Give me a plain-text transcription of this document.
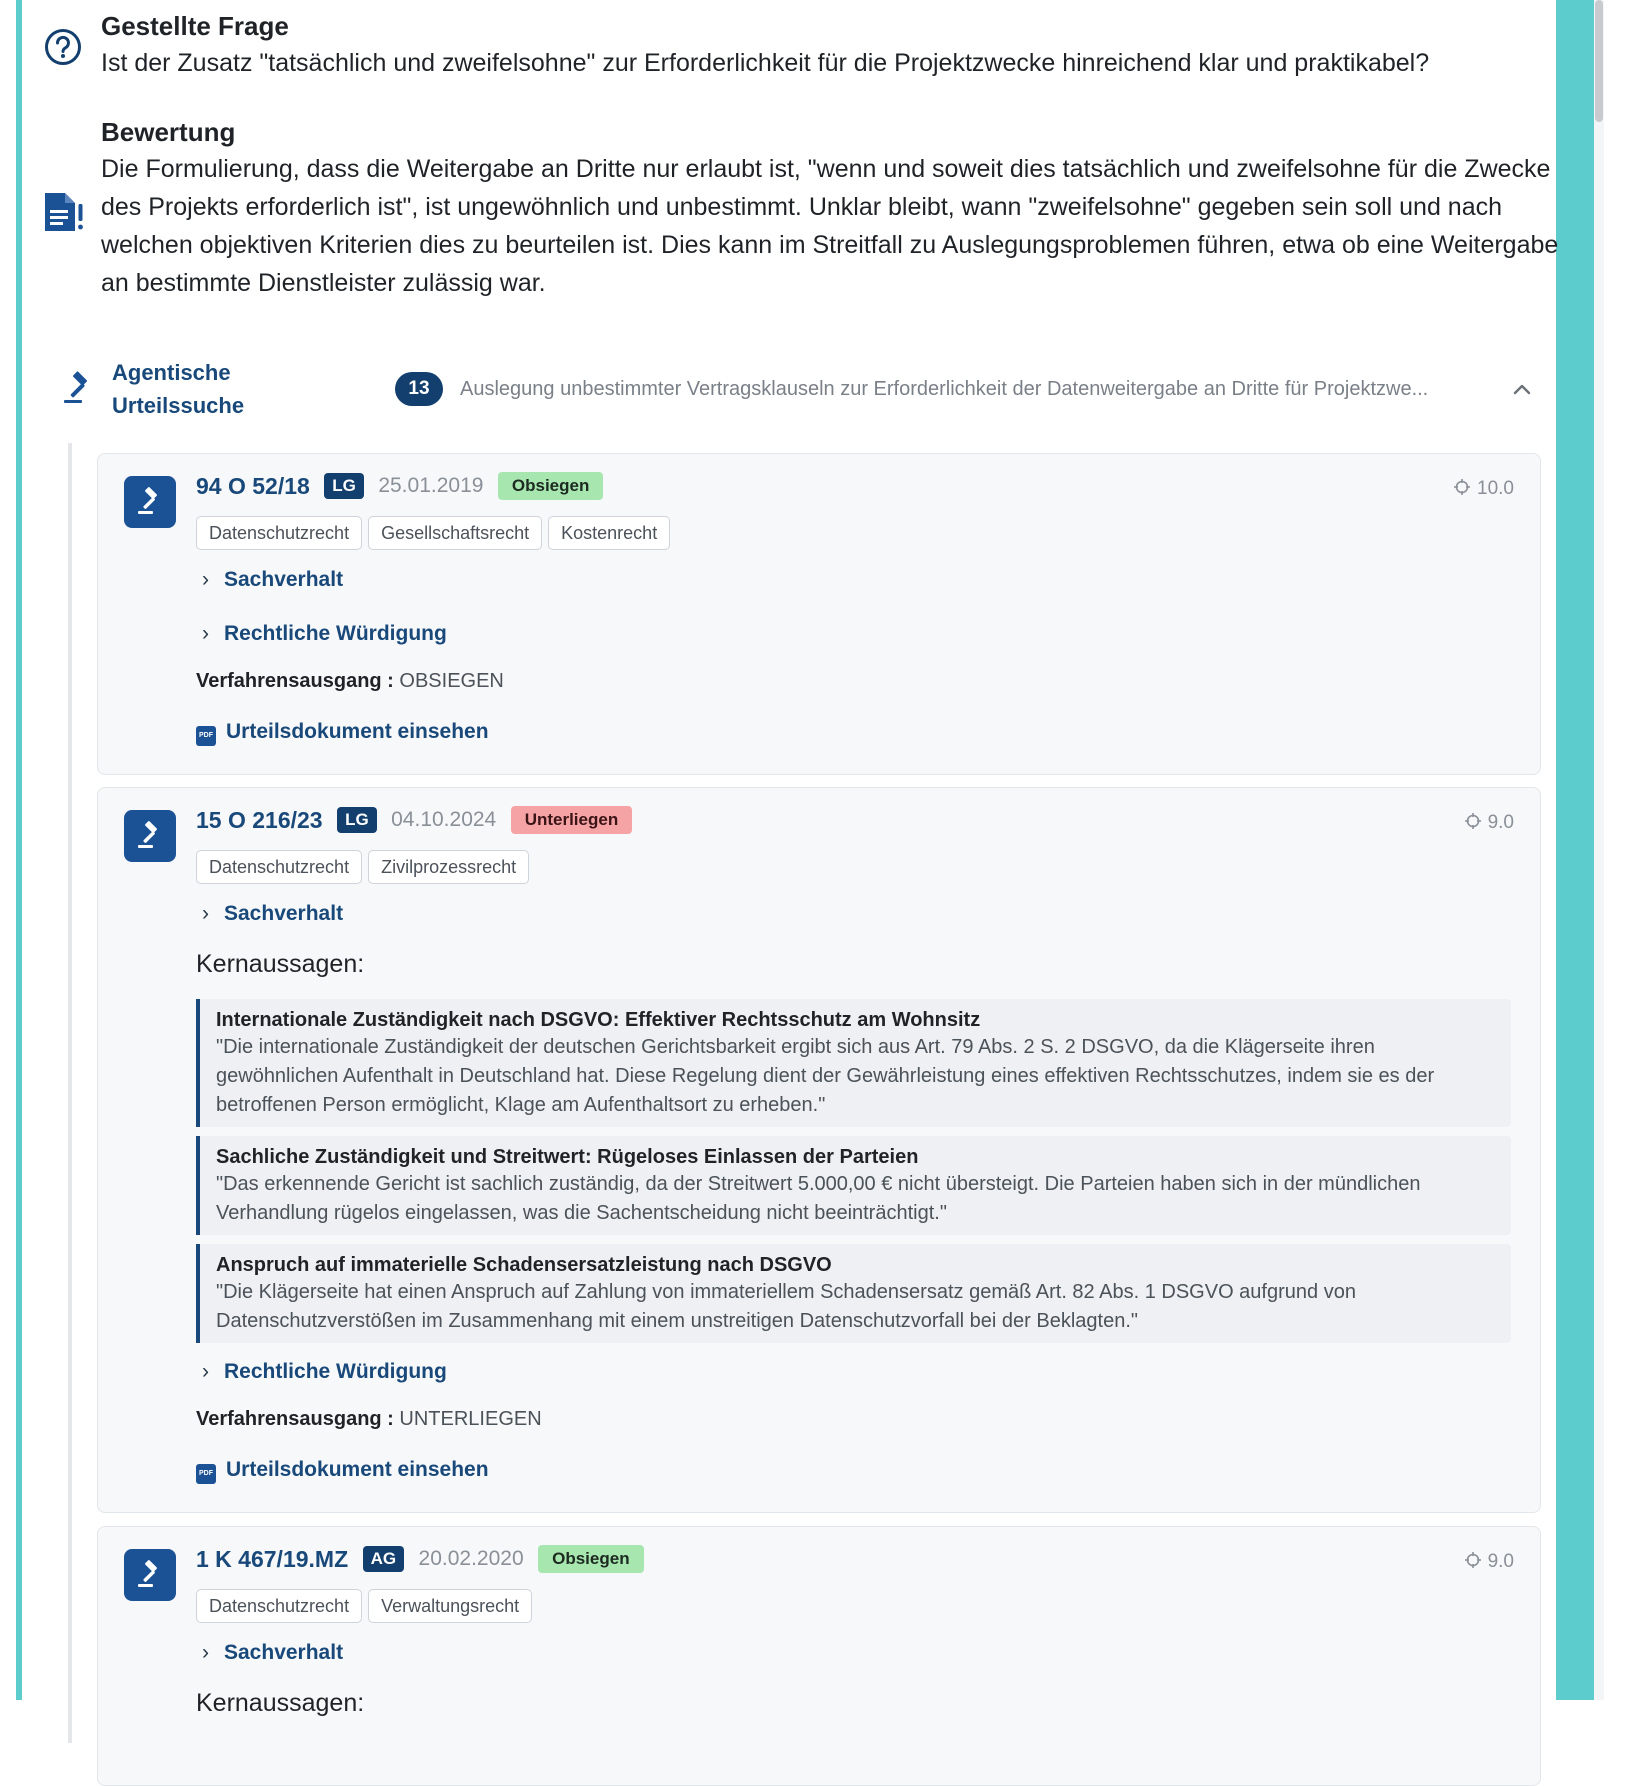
Gestellte Frage
Ist der Zusatz "tatsächlich und zweifelsohne" zur Erforderlichkeit für die Projektzwecke hinreichend klar und praktikabel?
Bewertung
Die Formulierung, dass die Weitergabe an Dritte nur erlaubt ist, "wenn und soweit dies tatsächlich und zweifelsohne für die Zwecke des Projekts erforderlich ist", ist ungewöhnlich und unbestimmt. Unklar bleibt, wann "zweifelsohne" gegeben sein soll und nach welchen objektiven Kriterien dies zu beurteilen ist. Dies kann im Streitfall zu Auslegungsproblemen führen, etwa ob eine Weitergabe an bestimmte Dienstleister zulässig war.
Agentische
Urteilssuche
13	Auslegung unbestimmter Vertragsklauseln zur Erforderlichkeit der Datenweitergabe an Dritte für Projektzwe...
94 O 52/18 LG 25.01.2019 Obsiegen	10.0
Datenschutzrecht Gesellschaftsrecht Kostenrecht
› Sachverhalt
› Rechtliche Würdigung
Verfahrensausgang : OBSIEGEN
PDF Urteilsdokument einsehen
15 O 216/23 LG 04.10.2024 Unterliegen	9.0
Datenschutzrecht Zivilprozessrecht
› Sachverhalt
Kernaussagen:
Internationale Zuständigkeit nach DSGVO: Effektiver Rechtsschutz am Wohnsitz
"Die internationale Zuständigkeit der deutschen Gerichtsbarkeit ergibt sich aus Art. 79 Abs. 2 S. 2 DSGVO, da die Klägerseite ihren gewöhnlichen Aufenthalt in Deutschland hat. Diese Regelung dient der Gewährleistung eines effektiven Rechtsschutzes, indem sie es der betroffenen Person ermöglicht, Klage am Aufenthaltsort zu erheben."
Sachliche Zuständigkeit und Streitwert: Rügeloses Einlassen der Parteien
"Das erkennende Gericht ist sachlich zuständig, da der Streitwert 5.000,00 € nicht übersteigt. Die Parteien haben sich in der mündlichen Verhandlung rügelos eingelassen, was die Sachentscheidung nicht beeinträchtigt."
Anspruch auf immaterielle Schadensersatzleistung nach DSGVO
"Die Klägerseite hat einen Anspruch auf Zahlung von immateriellem Schadensersatz gemäß Art. 82 Abs. 1 DSGVO aufgrund von Datenschutzverstößen im Zusammenhang mit einem unstreitigen Datenschutzvorfall bei der Beklagten."
› Rechtliche Würdigung
Verfahrensausgang : UNTERLIEGEN
PDF Urteilsdokument einsehen
1 K 467/19.MZ AG 20.02.2020 Obsiegen	9.0
Datenschutzrecht Verwaltungsrecht
› Sachverhalt
Kernaussagen:
